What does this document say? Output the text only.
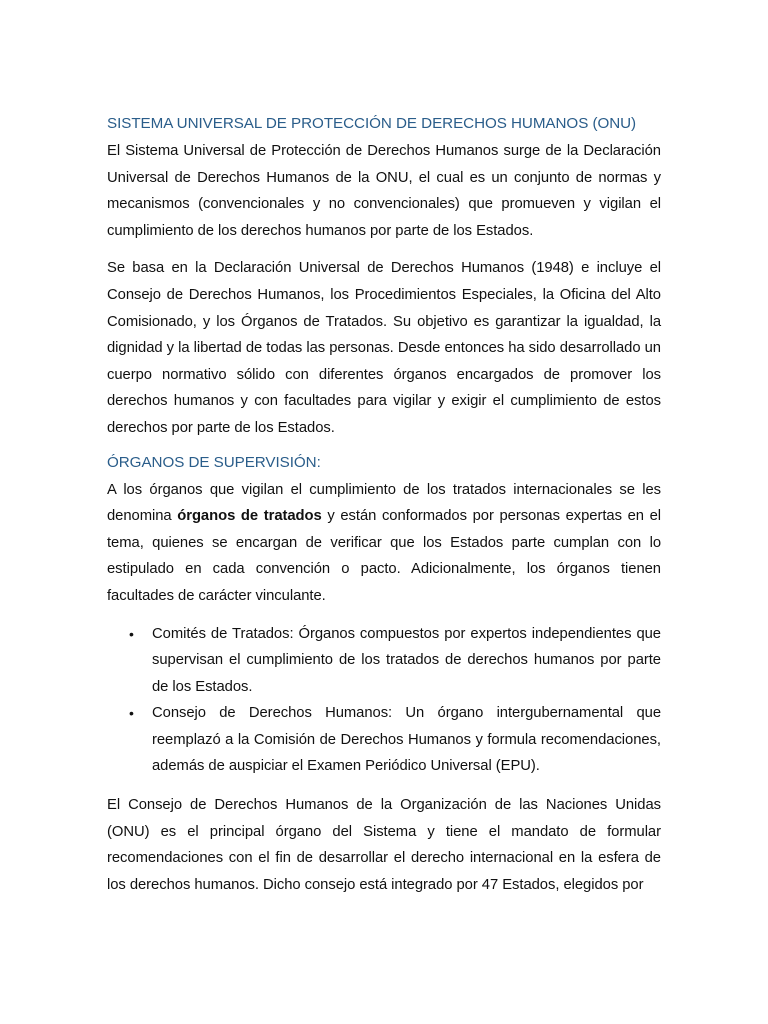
SISTEMA UNIVERSAL DE PROTECCIÓN DE DERECHOS HUMANOS (ONU)

El Sistema Universal de Protección de Derechos Humanos surge de la Declaración Universal de Derechos Humanos de la ONU, el cual es un conjunto de normas y mecanismos (convencionales y no convencionales) que promueven y vigilan el cumplimiento de los derechos humanos por parte de los Estados.

Se basa en la Declaración Universal de Derechos Humanos (1948) e incluye el Consejo de Derechos Humanos, los Procedimientos Especiales, la Oficina del Alto Comisionado, y los Órganos de Tratados. Su objetivo es garantizar la igualdad, la dignidad y la libertad de todas las personas. Desde entonces ha sido desarrollado un cuerpo normativo sólido con diferentes órganos encargados de promover los derechos humanos y con facultades para vigilar y exigir el cumplimiento de estos derechos por parte de los Estados.

ÓRGANOS DE SUPERVISIÓN:

A los órganos que vigilan el cumplimiento de los tratados internacionales se les denomina órganos de tratados y están conformados por personas expertas en el tema, quienes se encargan de verificar que los Estados parte cumplan con lo estipulado en cada convención o pacto. Adicionalmente, los órganos tienen facultades de carácter vinculante.

• Comités de Tratados: Órganos compuestos por expertos independientes que supervisan el cumplimiento de los tratados de derechos humanos por parte de los Estados.
• Consejo de Derechos Humanos: Un órgano intergubernamental que reemplazó a la Comisión de Derechos Humanos y formula recomendaciones, además de auspiciar el Examen Periódico Universal (EPU).

El Consejo de Derechos Humanos de la Organización de las Naciones Unidas (ONU) es el principal órgano del Sistema y tiene el mandato de formular recomendaciones con el fin de desarrollar el derecho internacional en la esfera de los derechos humanos. Dicho consejo está integrado por 47 Estados, elegidos por
